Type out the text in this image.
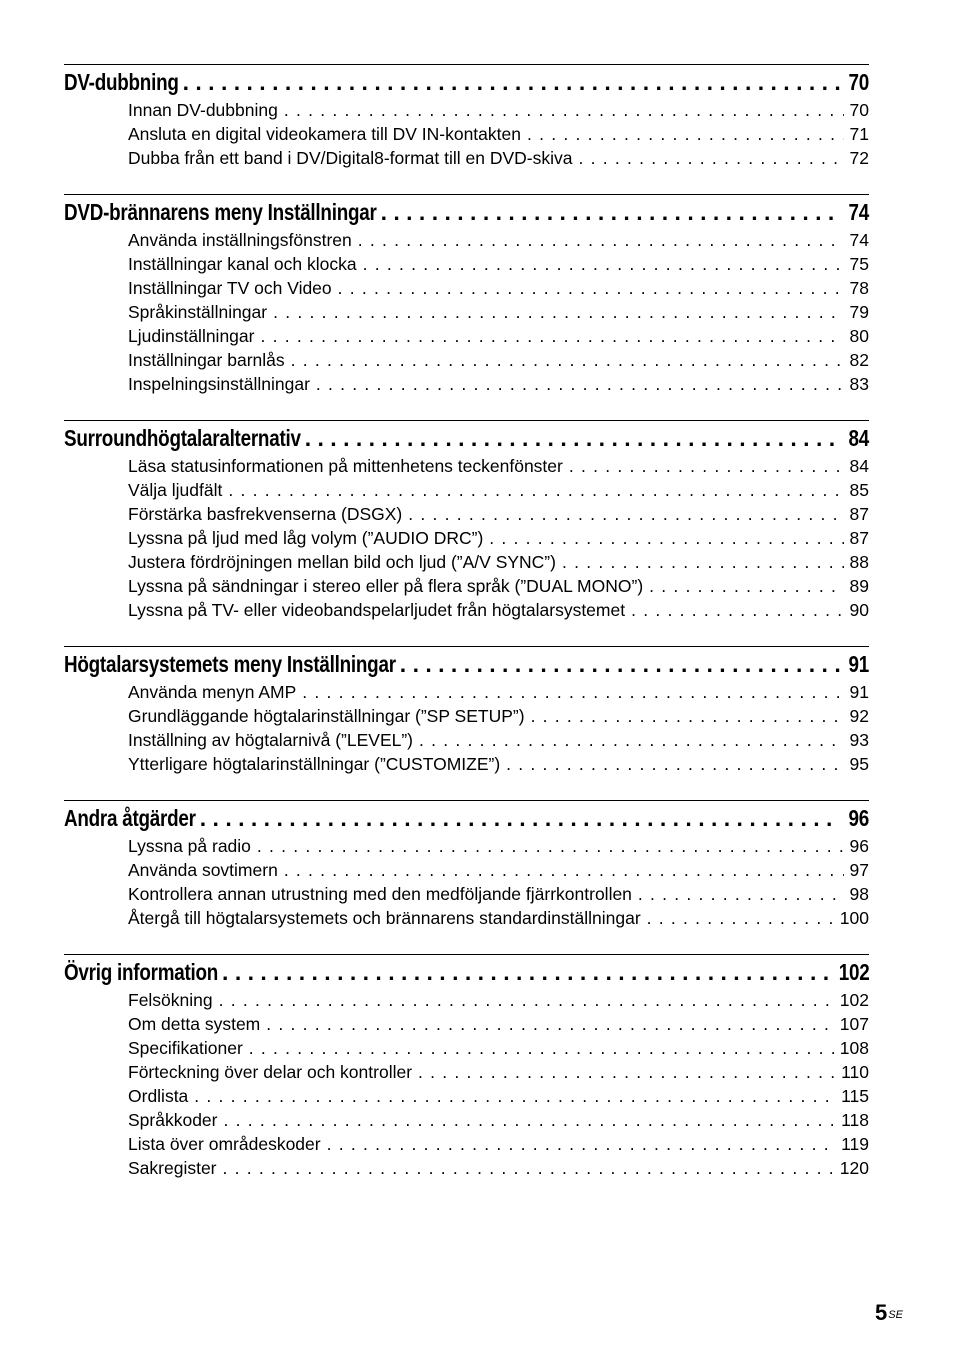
DV-dubbning . . .	70
Innan DV-dubbning . . .	70
Ansluta en digital videokamera till DV IN-kontakten . . .	71
Dubba från ett band i DV/Digital8-format till en DVD-skiva . . .	72
DVD-brännarens meny Inställningar . . .	74
Använda inställningsfönstren . . .	74
Inställningar kanal och klocka . . .	75
Inställningar TV och Video . . .	78
Språkinställningar . . .	79
Ljudinställningar . . .	80
Inställningar barnlås . . .	82
Inspelningsinställningar . . .	83
Surroundhögtalaralternativ . . .	84
Läsa statusinformationen på mittenhetens teckenfönster . . .	84
Välja ljudfält . . .	85
Förstärka basfrekvenserna (DSGX) . . .	87
Lyssna på ljud med låg volym (”AUDIO DRC”) . . .	87
Justera fördröjningen mellan bild och ljud (”A/V SYNC”) . . .	88
Lyssna på sändningar i stereo eller på flera språk (”DUAL MONO”) . . .	89
Lyssna på TV- eller videobandspelarljudet från högtalarsystemet . . .	90
Högtalarsystemets meny Inställningar . . .	91
Använda menyn AMP . . .	91
Grundläggande högtalarinställningar (”SP SETUP”) . . .	92
Inställning av högtalarnivå (”LEVEL”) . . .	93
Ytterligare högtalarinställningar (”CUSTOMIZE”) . . .	95
Andra åtgärder . . .	96
Lyssna på radio . . .	96
Använda sovtimern . . .	97
Kontrollera annan utrustning med den medföljande fjärrkontrollen . . .	98
Återgå till högtalarsystemets och brännarens standardinställningar . . .	100
Övrig information . . .	102
Felsökning . . .	102
Om detta system . . .	107
Specifikationer . . .	108
Förteckning över delar och kontroller . . .	110
Ordlista . . .	115
Språkkoder . . .	118
Lista över områdeskoder . . .	119
Sakregister . . .	120
$5^{SE}$
